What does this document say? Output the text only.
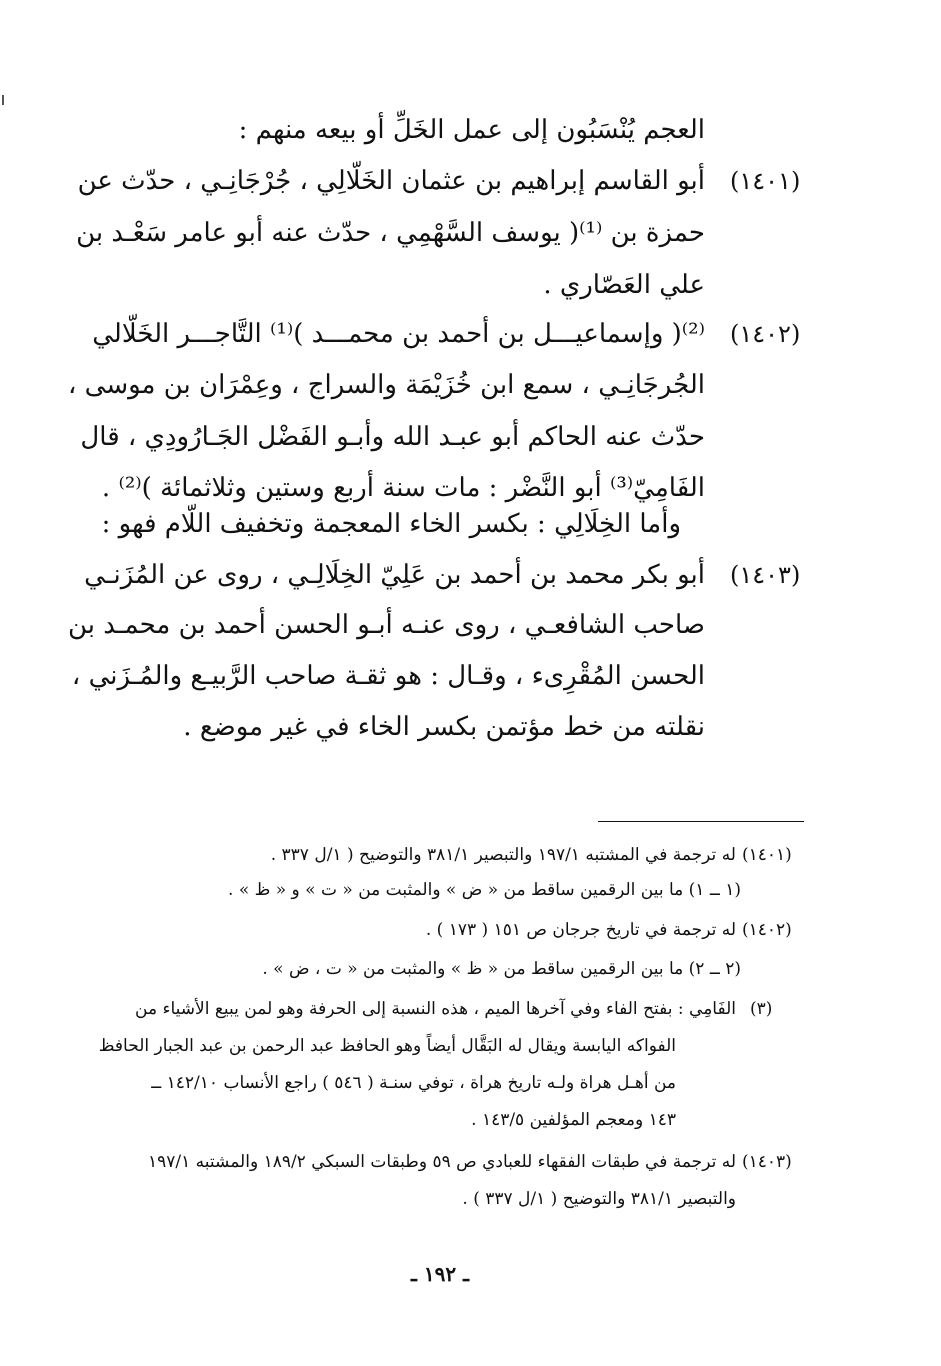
العجم يُنْسَبُون إلى عمل الخَلِّ أو بيعه منهم :
(١٤٠١)
أبو القاسم إبراهيم بن عثمان الخَلّالِي ، جُرْجَانِـي ، حدّث عن
حمزة بن ⁽¹⁾( يوسف السَّهْمِي ، حدّث عنه أبو عامر سَعْـد بن
علي العَصّاري .
(١٤٠٢)
⁽²⁾( وإسماعيـــل بن أحمد بن محمـــد )⁽¹⁾ التَّاجـــر الخَلّالي
الجُرجَانِـي ، سمع ابن خُزَيْمَة والسراج ، وعِمْرَان بن موسى ،
حدّث عنه الحاكم أبو عبـد الله وأبـو الفَضْل الجَـارُودِي ، قال
الفَامِيّ⁽³⁾ أبو النَّضْر : مات سنة أربع وستين وثلاثمائة )⁽²⁾ .
وأما الخِلَالِي : بكسر الخاء المعجمة وتخفيف اللّام فهو :
(١٤٠٣)
أبو بكر محمد بن أحمد بن عَلِيّ الخِلَالِـي ، روى عن المُزَنـي
صاحب الشافعـي ، روى عنـه أبـو الحسن أحمد بن محمـد بن
الحسن المُقْرِىء ، وقـال : هو ثقـة صاحب الرَّبيـع والمُـزَني ،
نقلته من خط مؤتمن بكسر الخاء في غير موضع .
(١٤٠١)
له ترجمة في المشتبه ١٩٧/١ والتبصير ٣٨١/١ والتوضيح ( ١/ل ٣٣٧ .
(١ ــ ١) ما بين الرقمين ساقط من « ض » والمثبت من « ت » و « ظ » .
(١٤٠٢)
له ترجمة في تاريخ جرجان ص ١٥١ ( ١٧٣ ) .
(٢ ــ ٢) ما بين الرقمين ساقط من « ظ » والمثبت من « ت ، ض » .
(٣)
الفَامِي : بفتح الفاء وفي آخرها الميم ، هذه النسبة إلى الحرفة وهو لمن يبيع الأشياء من
الفواكه اليابسة ويقال له البَقَّال أيضاً وهو الحافظ عبد الرحمن بن عبد الجبار الحافظ
من أهـل هراة ولـه تاريخ هراة ، توفي سنـة ( ٥٤٦ ) راجع الأنساب ١٤٢/١٠ ــ
١٤٣ ومعجم المؤلفين ١٤٣/٥ .
(١٤٠٣)
له ترجمة في طبقات الفقهاء للعبادي ص ٥٩ وطبقات السبكي ١٨٩/٢ والمشتبه ١٩٧/١
والتبصير ٣٨١/١ والتوضيح ( ١/ل ٣٣٧ ) .
ـ ١٩٢ ـ
